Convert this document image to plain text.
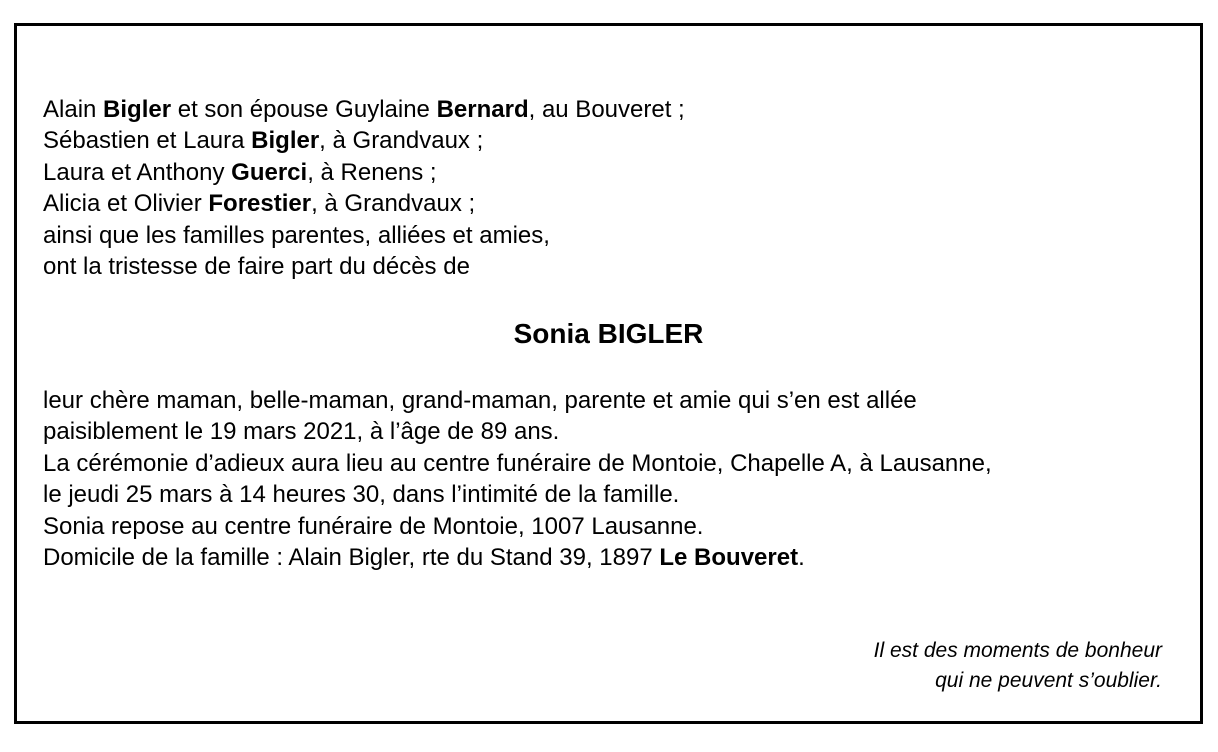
Alain Bigler et son épouse Guylaine Bernard, au Bouveret ;
Sébastien et Laura Bigler, à Grandvaux ;
Laura et Anthony Guerci, à Renens ;
Alicia et Olivier Forestier, à Grandvaux ;
ainsi que les familles parentes, alliées et amies,
ont la tristesse de faire part du décès de
Sonia BIGLER
leur chère maman, belle-maman, grand-maman, parente et amie qui s’en est allée
paisiblement le 19 mars 2021, à l’âge de 89 ans.
La cérémonie d’adieux aura lieu au centre funéraire de Montoie, Chapelle A, à Lausanne,
le jeudi 25 mars à 14 heures 30, dans l’intimité de la famille.
Sonia repose au centre funéraire de Montoie, 1007 Lausanne.
Domicile de la famille : Alain Bigler, rte du Stand 39, 1897 Le Bouveret.
Il est des moments de bonheur
qui ne peuvent s’oublier.
